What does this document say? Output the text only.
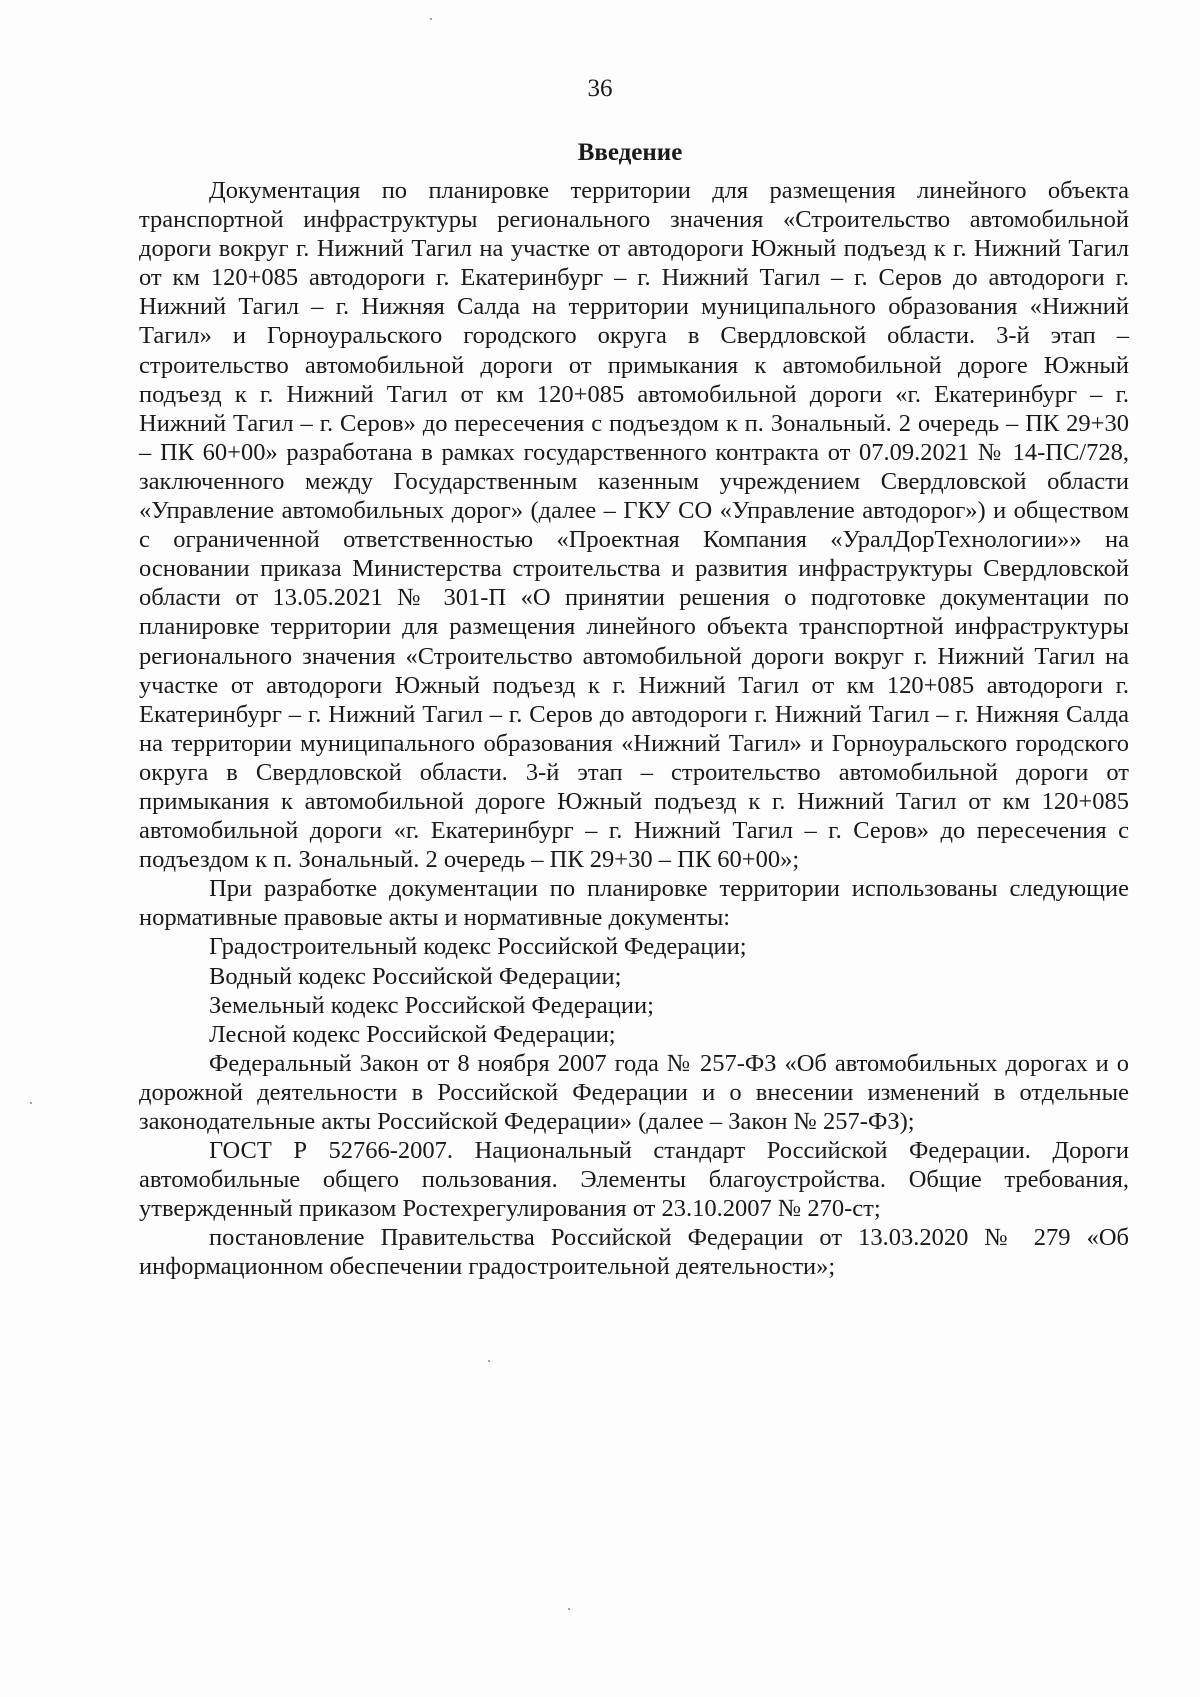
36
Введение

Документация по планировке территории для размещения линейного объекта транспортной инфраструктуры регионального значения «Строительство автомобильной дороги вокруг г. Нижний Тагил на участке от автодороги Южный подъезд к г. Нижний Тагил от км 120+085 автодороги г. Екатеринбург – г. Нижний Тагил – г. Серов до автодороги г. Нижний Тагил – г. Нижняя Салда на территории муниципального образования «Нижний Тагил» и Горноуральского городского округа в Свердловской области. 3-й этап – строительство автомобильной дороги от примыкания к автомобильной дороге Южный подъезд к г. Нижний Тагил от км 120+085 автомобильной дороги «г. Екатеринбург – г. Нижний Тагил – г. Серов» до пересечения с подъездом к п. Зональный. 2 очередь – ПК 29+30 – ПК 60+00» разработана в рамках государственного контракта от 07.09.2021 № 14-ПС/728, заключенного между Государственным казенным учреждением Свердловской области «Управление автомобильных дорог» (далее – ГКУ СО «Управление автодорог») и обществом с ограниченной ответственностью «Проектная Компания «УралДорТехнологии»» на основании приказа Министерства строительства и развития инфраструктуры Свердловской области от 13.05.2021 № 301-П «О принятии решения о подготовке документации по планировке территории для размещения линейного объекта транспортной инфраструктуры регионального значения «Строительство автомобильной дороги вокруг г. Нижний Тагил на участке от автодороги Южный подъезд к г. Нижний Тагил от км 120+085 автодороги г. Екатеринбург – г. Нижний Тагил – г. Серов до автодороги г. Нижний Тагил – г. Нижняя Салда на территории муниципального образования «Нижний Тагил» и Горноуральского городского округа в Свердловской области. 3-й этап – строительство автомобильной дороги от примыкания к автомобильной дороге Южный подъезд к г. Нижний Тагил от км 120+085 автомобильной дороги «г. Екатеринбург – г. Нижний Тагил – г. Серов» до пересечения с подъездом к п. Зональный. 2 очередь – ПК 29+30 – ПК 60+00»;

При разработке документации по планировке территории использованы следующие нормативные правовые акты и нормативные документы:

Градостроительный кодекс Российской Федерации;

Водный кодекс Российской Федерации;

Земельный кодекс Российской Федерации;

Лесной кодекс Российской Федерации;

Федеральный Закон от 8 ноября 2007 года № 257-ФЗ «Об автомобильных дорогах и о дорожной деятельности в Российской Федерации и о внесении изменений в отдельные законодательные акты Российской Федерации» (далее – Закон № 257-ФЗ);

ГОСТ Р 52766-2007. Национальный стандарт Российской Федерации. Дороги автомобильные общего пользования. Элементы благоустройства. Общие требования, утвержденный приказом Ростехрегулирования от 23.10.2007 № 270-ст;

постановление Правительства Российской Федерации от 13.03.2020 № 279 «Об информационном обеспечении градостроительной деятельности»;
